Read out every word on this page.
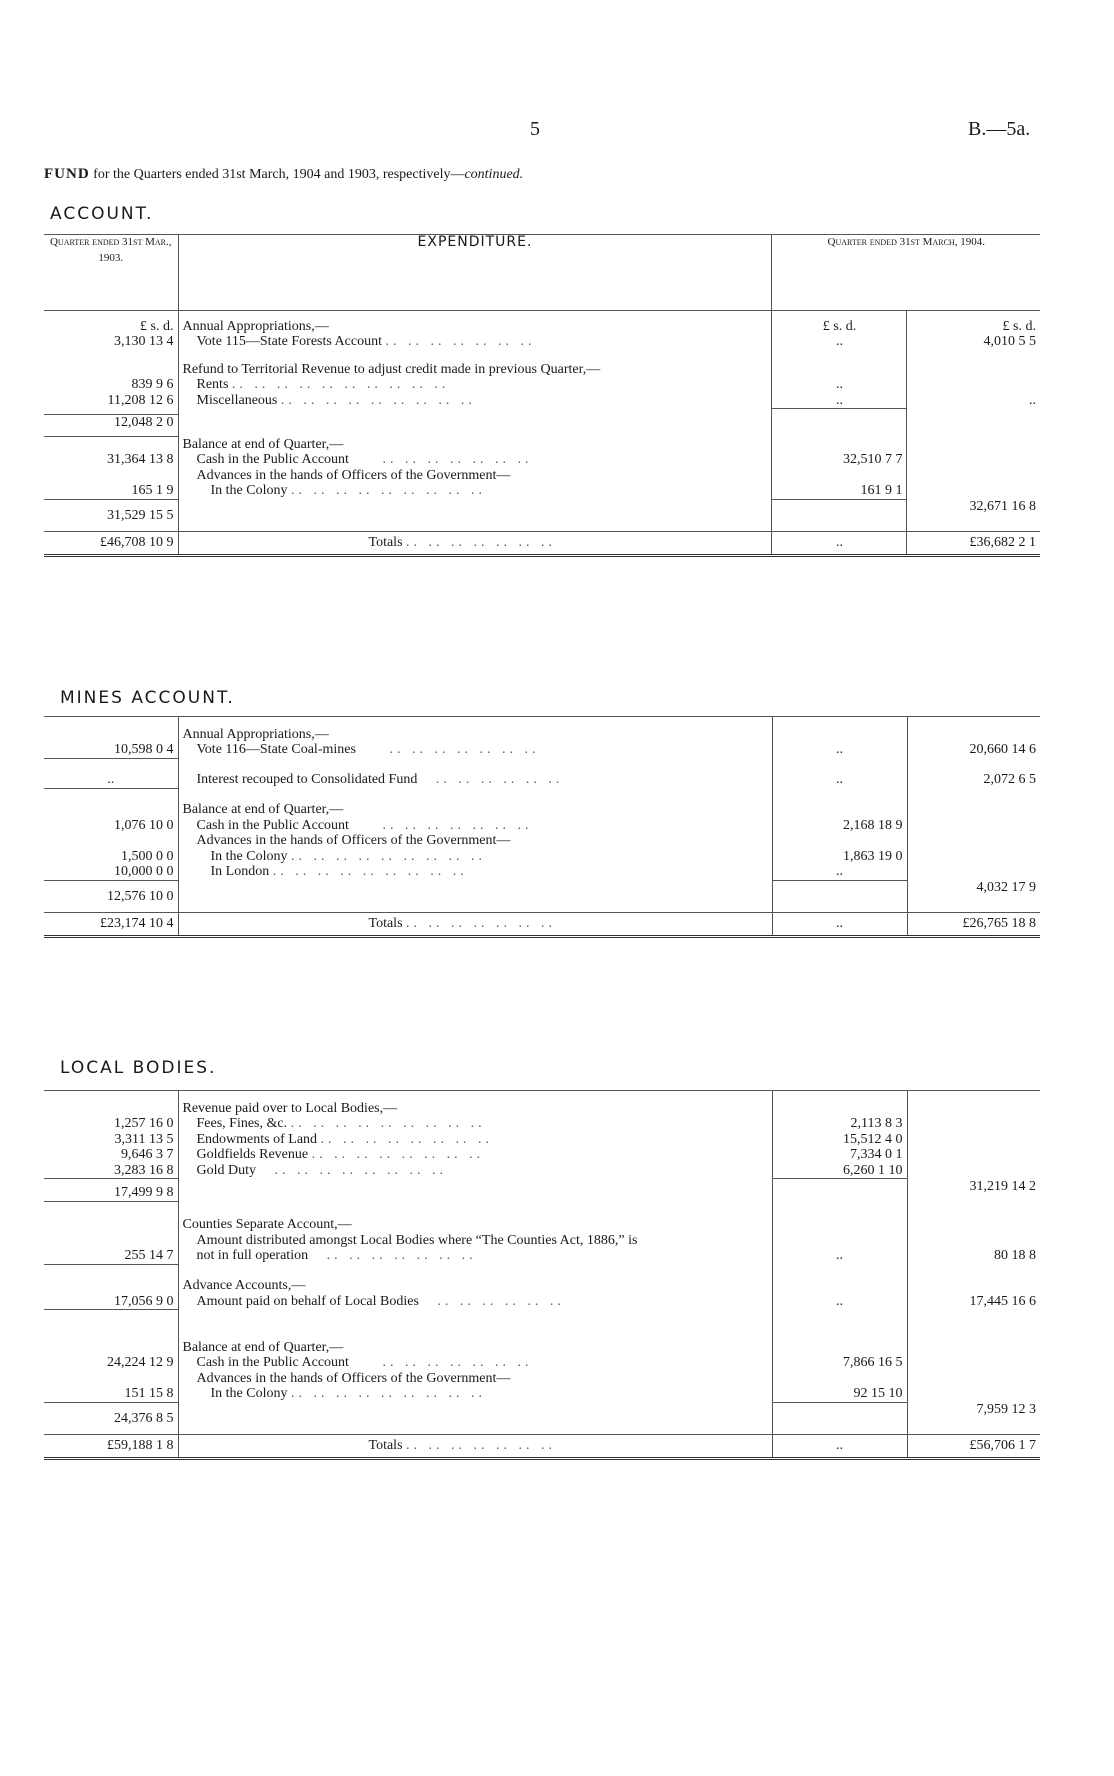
5	B.—5a.
FUND for the Quarters ended 31st March, 1904 and 1903, respectively—continued.
ACCOUNT.
Quarter ended 31st Mar., 1903.	EXPENDITURE.	Quarter ended 31st March, 1904.	

£ s. d.	Annual Appropriations,—	£ s. d.	£ s. d.
3,130 13 4	Vote 115—State Forests Account .. .. .. .. .. .. ..	..	4,010 5 5

	Refund to Territorial Revenue to adjust credit made in previous Quarter,—		
839 9 6	Rents .. .. .. .. .. .. .. .. .. ..	..	
11,208 12 6	Miscellaneous .. .. .. .. .. .. .. .. ..	..	..

12,048 2 0			

	Balance at end of Quarter,—		
31,364 13 8	Cash in the Public Account     .. .. .. .. .. .. ..	32,510 7 7	
	Advances in the hands of Officers of the Government—		
165 1 9	In the Colony .. .. .. .. .. .. .. .. ..	161 9 1	
31,529 15 5			32,671 16 8

£46,708 10 9	Totals .. .. .. .. .. .. ..	..	£36,682 2 1
MINES ACCOUNT.

	Annual Appropriations,—		
10,598 0 4	Vote 116—State Coal-mines     .. .. .. .. .. .. ..	..	20,660 14 6

..	Interest recouped to Consolidated Fund   .. .. .. .. .. ..	..	2,072 6 5

	Balance at end of Quarter,—		
1,076 10 0	Cash in the Public Account     .. .. .. .. .. .. ..	2,168 18 9	
	Advances in the hands of Officers of the Government—		
1,500 0 0	In the Colony .. .. .. .. .. .. .. .. ..	1,863 19 0	
10,000 0 0	In London .. .. .. .. .. .. .. .. ..	..	
12,576 10 0			4,032 17 9

£23,174 10 4	Totals .. .. .. .. .. .. ..	..	£26,765 18 8
LOCAL BODIES.

	Revenue paid over to Local Bodies,—		
1,257 16 0	Fees, Fines, &c. .. .. .. .. .. .. .. .. ..	2,113 8 3	
3,311 13 5	Endowments of Land .. .. .. .. .. .. .. ..	15,512 4 0	
9,646 3 7	Goldfields Revenue .. .. .. .. .. .. .. ..	7,334 0 1	
3,283 16 8	Gold Duty   .. .. .. .. .. .. .. ..	6,260 1 10	
17,499 9 8			31,219 14 2

	Counties Separate Account,—		
	Amount distributed amongst Local Bodies where “The Counties Act, 1886,” is		
255 14 7	not in full operation   .. .. .. .. .. .. ..	..	80 18 8

	Advance Accounts,—		
17,056 9 0	Amount paid on behalf of Local Bodies   .. .. .. .. .. ..	..	17,445 16 6

	Balance at end of Quarter,—		
24,224 12 9	Cash in the Public Account     .. .. .. .. .. .. ..	7,866 16 5	
	Advances in the hands of Officers of the Government—		
151 15 8	In the Colony .. .. .. .. .. .. .. .. ..	92 15 10	
24,376 8 5			7,959 12 3

£59,188 1 8	Totals .. .. .. .. .. .. ..	..	£56,706 1 7
